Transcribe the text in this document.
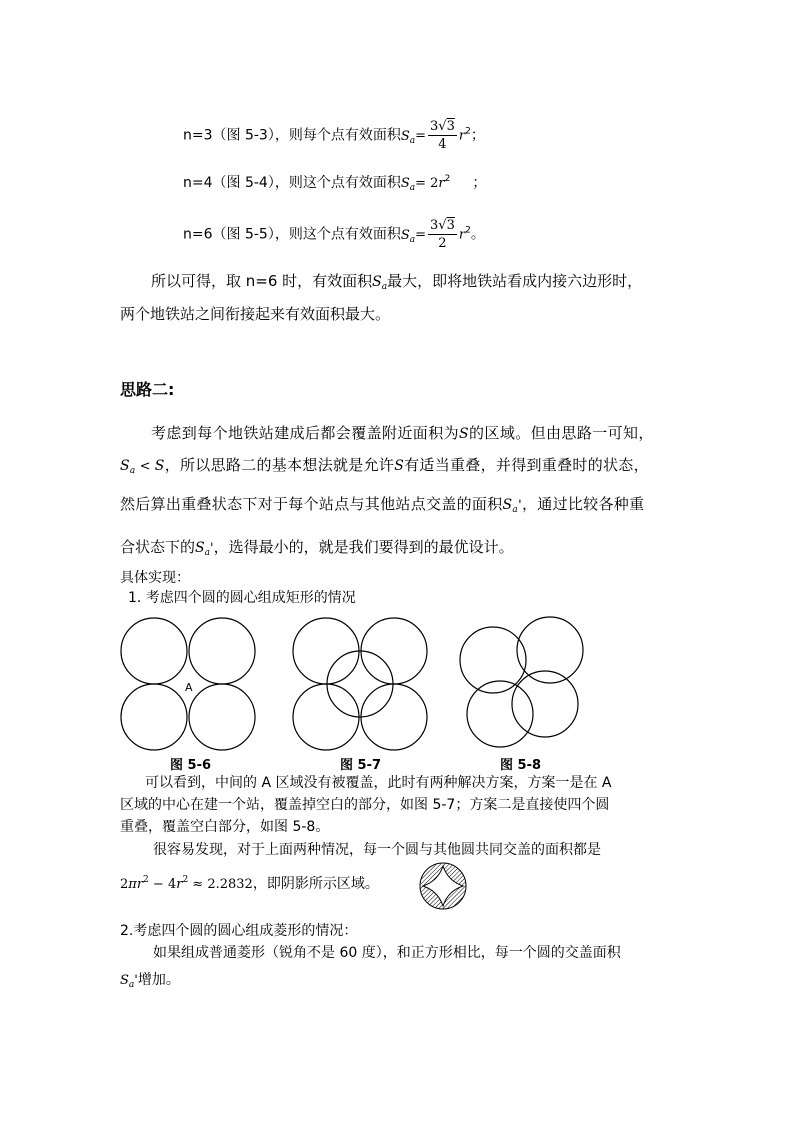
n=3（图 5-3），则每个点有效面积$S_a= \frac{3√3}{4} r^2$；
n=4（图 5-4），则这个点有效面积$S_a= 2r^2$ ；
n=6（图 5-5），则这个点有效面积$S_a= \frac{3√3}{2} r^2$。
所以可得，取 n=6 时，有效面积$S_a$最大，即将地铁站看成内接六边形时，
两个地铁站之间衔接起来有效面积最大。
思路二:
考虑到每个地铁站建成后都会覆盖附近面积为S的区域。但由思路一可知，
$S_a < S$，所以思路二的基本想法就是允许S有适当重叠，并得到重叠时的状态，
然后算出重叠状态下对于每个站点与其他站点交盖的面积$S_a'$，通过比较各种重
合状态下的$S_a'$，选得最小的，就是我们要得到的最优设计。
具体实现：
1. 考虑四个圆的圆心组成矩形的情况
A
图 5-6	图 5-7	图 5-8
可以看到，中间的 A 区域没有被覆盖，此时有两种解决方案，方案一是在 A
区域的中心在建一个站，覆盖掉空白的部分，如图 5-7；方案二是直接使四个圆
重叠，覆盖空白部分，如图 5-8。
很容易发现，对于上面两种情况，每一个圆与其他圆共同交盖的面积都是
$2\pi r^2 - 4r^2 \approx 2.2832$，即阴影所示区域。
2.考虑四个圆的圆心组成菱形的情况：
如果组成普通菱形（锐角不是 60 度），和正方形相比，每一个圆的交盖面积
$S_a'$增加。
